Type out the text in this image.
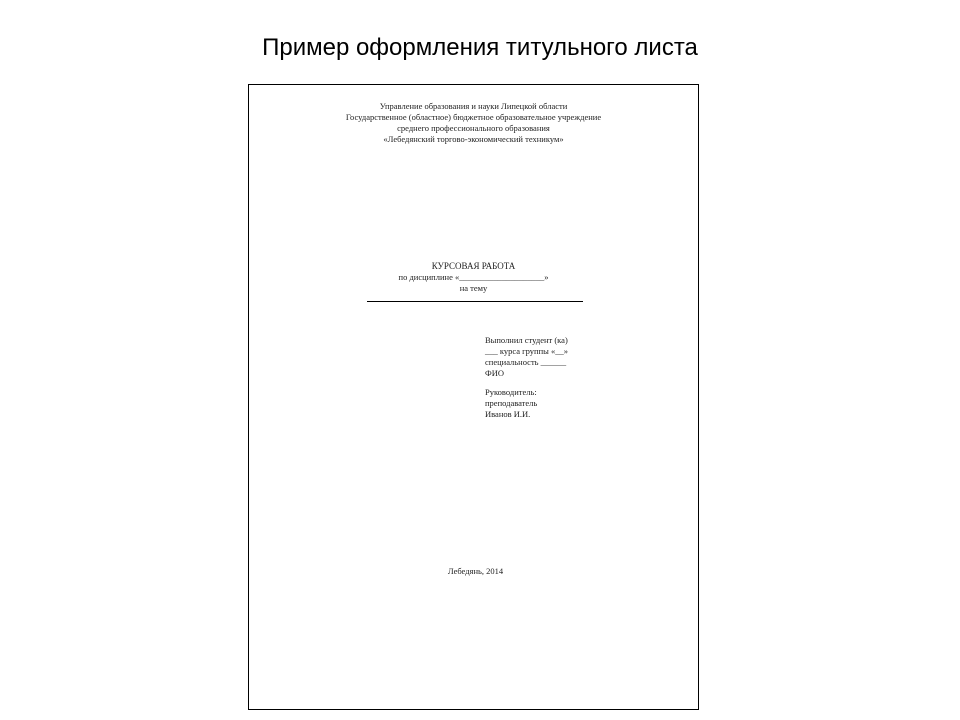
Пример оформления титульного листа
Управление образования и науки Липецкой области
Государственное (областное) бюджетное образовательное учреждение
среднего профессионального образования
«Лебедянский торгово-экономический техникум»
КУРСОВАЯ РАБОТА
по дисциплине «____________________»
на тему
Выполнил студент (ка)
___ курса группы «__»
специальность ______
ФИО
Руководитель:
преподаватель
Иванов И.И.
Лебедянь, 2014
